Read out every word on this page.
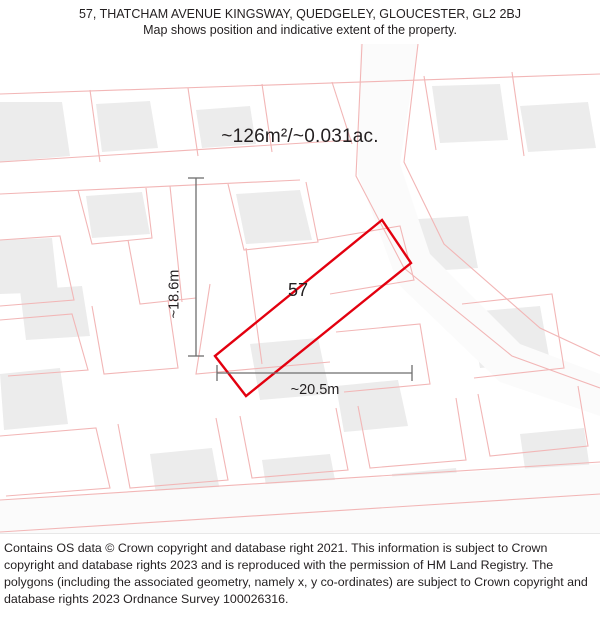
57, THATCHAM AVENUE KINGSWAY, QUEDGELEY, GLOUCESTER, GL2 2BJ
Map shows position and indicative extent of the property.
~126m²/~0.031ac.
57
~18.6m
~20.5m
Contains OS data © Crown copyright and database right 2021. This information is subject to Crown copyright and database rights 2023 and is reproduced with the permission of HM Land Registry. The polygons (including the associated geometry, namely x, y co-ordinates) are subject to Crown copyright and database rights 2023 Ordnance Survey 100026316.
